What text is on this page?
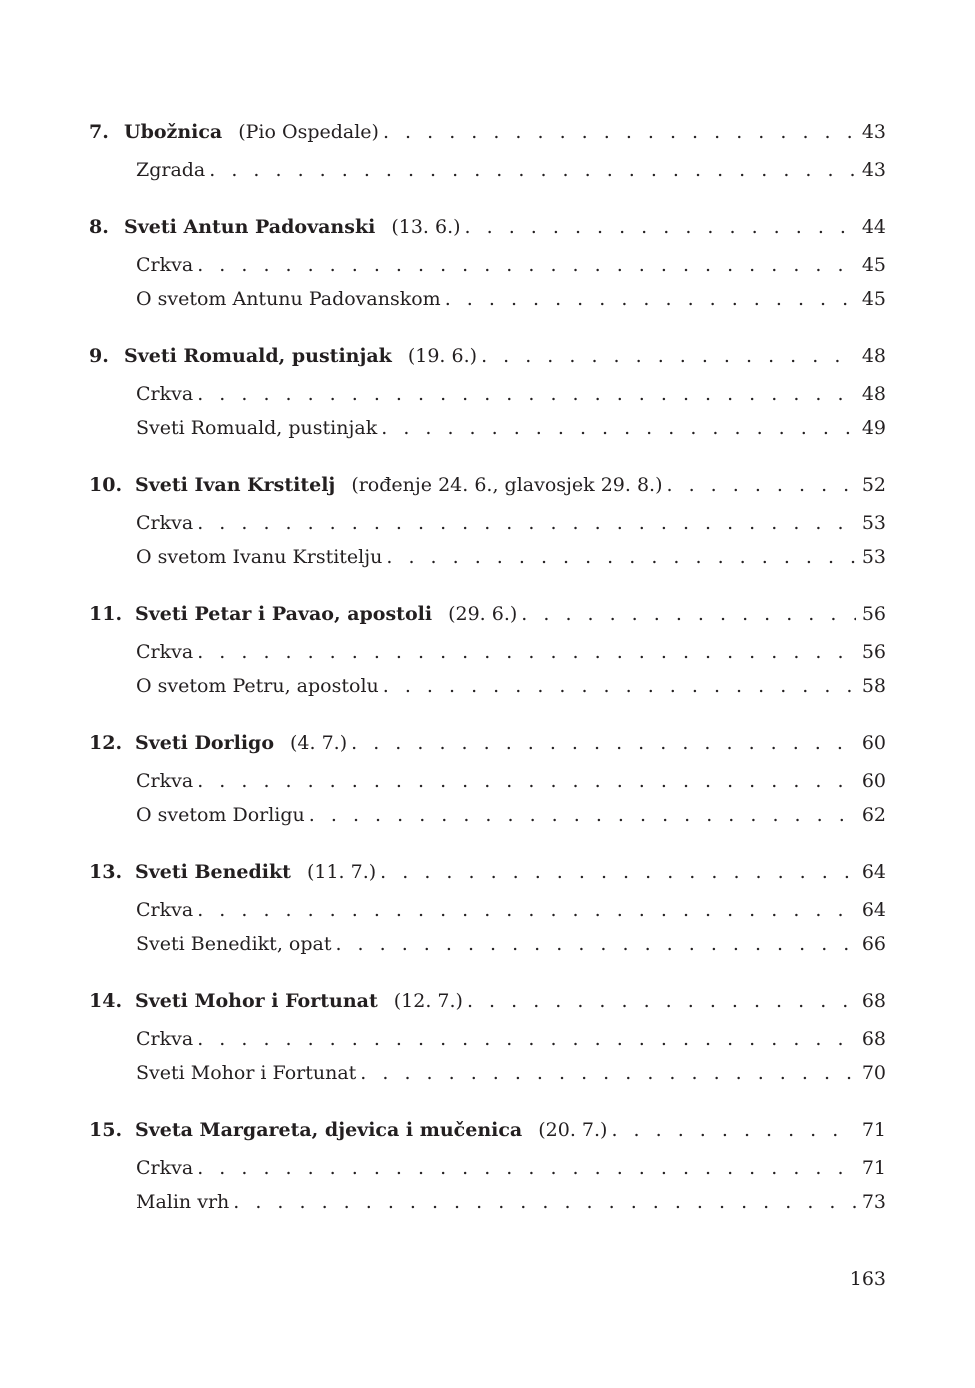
7. Ubožnica (Pio Ospedale) . . .	43
Zgrada . . .	43
8. Sveti Antun Padovanski (13. 6.) . . .	44
Crkva . . .	45
O svetom Antunu Padovanskom . . .	45
9. Sveti Romuald, pustinjak (19. 6.) . . .	48
Crkva . . .	48
Sveti Romuald, pustinjak . . .	49
10. Sveti Ivan Krstitelj (rođenje 24. 6., glavosjek 29. 8.) . . .	52
Crkva . . .	53
O svetom Ivanu Krstitelju . . .	53
11. Sveti Petar i Pavao, apostoli (29. 6.) . . .	56
Crkva . . .	56
O svetom Petru, apostolu . . .	58
12. Sveti Dorligo (4. 7.) . . .	60
Crkva . . .	60
O svetom Dorligu . . .	62
13. Sveti Benedikt (11. 7.) . . .	64
Crkva . . .	64
Sveti Benedikt, opat . . .	66
14. Sveti Mohor i Fortunat (12. 7.) . . .	68
Crkva . . .	68
Sveti Mohor i Fortunat . . .	70
15. Sveta Margareta, djevica i mučenica (20. 7.) . . .	71
Crkva . . .	71
Malin vrh . . .	73
163
